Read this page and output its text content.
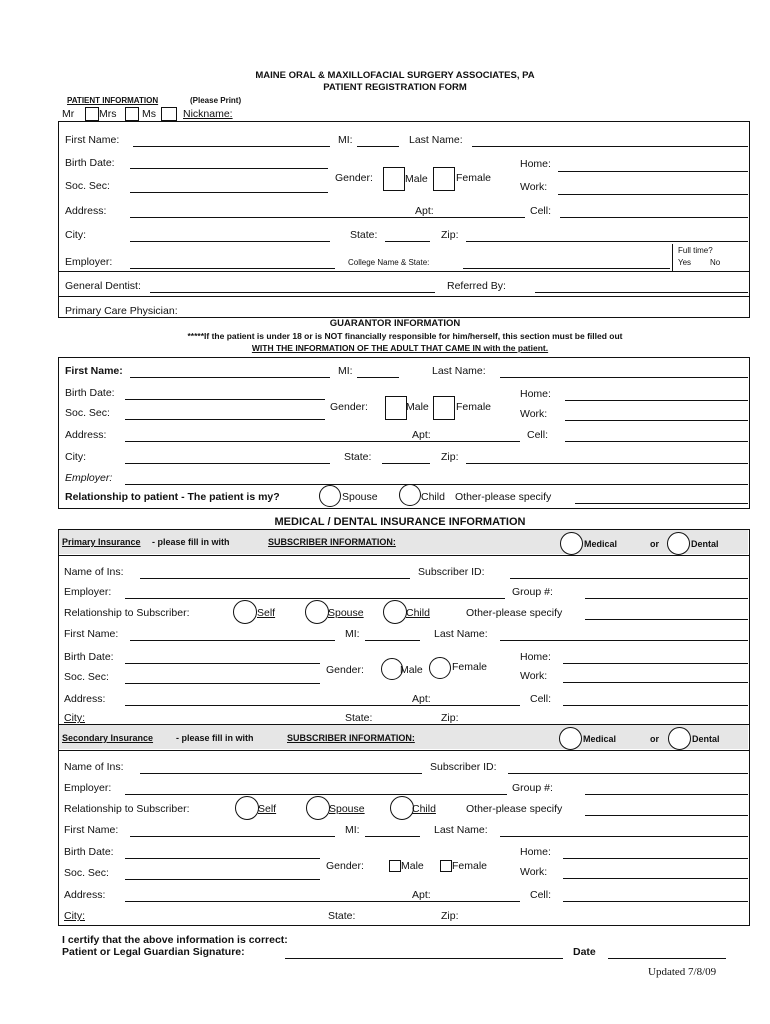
MAINE ORAL & MAXILLOFACIAL SURGERY ASSOCIATES, PA
PATIENT REGISTRATION FORM
PATIENT INFORMATION	(Please Print)
Mr Mrs Ms	Nickname:
First Name:	MI:	Last Name:
Birth Date:	Home:
Gender:	Male	Female
Soc. Sec:	Work:
Address:	Apt:	Cell:
City:	State:	Zip:
Employer:	College Name & State:
Full time?
Yes No
General Dentist:	Referred By:
Primary Care Physician:
GUARANTOR INFORMATION
*****If the patient is under 18 or is NOT financially responsible for him/herself, this section must be filled out
WITH THE INFORMATION OF THE ADULT THAT CAME IN with the patient.
First Name:	MI:	Last Name:
Birth Date:	Home:
Gender:	Male	Female
Soc. Sec:	Work:
Address:	Apt:	Cell:
City:	State:	Zip:
Employer:
Relationship to patient - The patient is my?	Spouse	Child Other-please specify
MEDICAL / DENTAL INSURANCE INFORMATION
Primary Insurance - please fill in with	SUBSCRIBER INFORMATION:	Medical	or	Dental
Name of Ins:	Subscriber ID:
Employer:	Group #:
Relationship to Subscriber:	Self	Spouse	Child	Other-please specify
First Name:	MI:	Last Name:
Birth Date:	Home:
Gender:	Male	Female
Soc. Sec:	Work:
Address:	Apt:	Cell:
City:	State:	Zip:
Secondary Insurance	- please fill in with	SUBSCRIBER INFORMATION:	Medical	or	Dental
Name of Ins:	Subscriber ID:
Employer:	Group #:
Relationship to Subscriber:	Self	Spouse	Child	Other-please specify
First Name:	MI:	Last Name:
Birth Date:	Home:
Gender:	Male	Female
Soc. Sec:	Work:
Address:	Apt:	Cell:
City:	State:	Zip:
I certify that the above information is correct:
Patient or Legal Guardian Signature:	Date
Updated 7/8/09
